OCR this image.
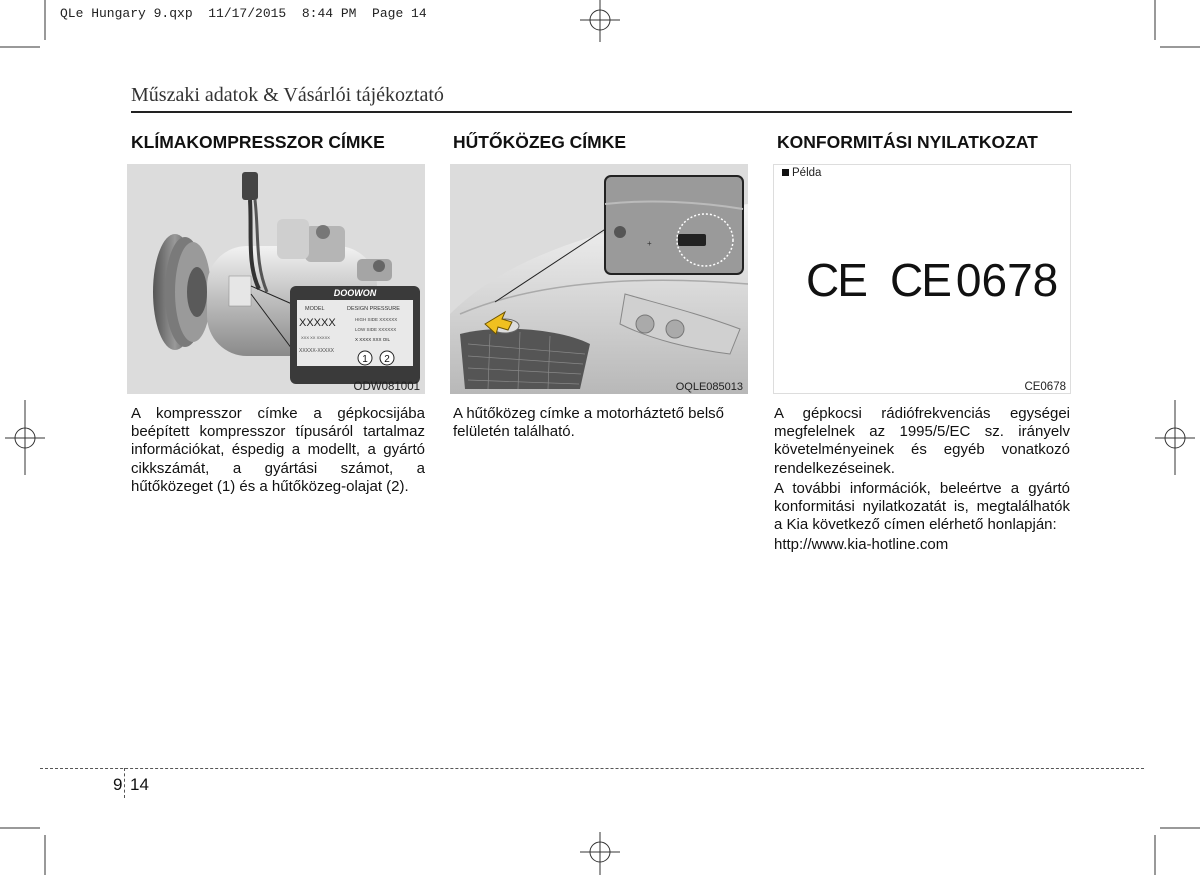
QLe Hungary 9.qxp  11/17/2015  8:44 PM  Page 14
Műszaki adatok & Vásárlói tájékoztató
KLÍMAKOMPRESSZOR CÍMKE
DOOWON
MODEL	DESIGN PRESSURE
XXXXX	HIGH SIDE XXXXXX
LOW SIDE XXXXXX
XXX XX XXXXX	X XXXX XXX OIL
XXXXX-XXXXX
1 2
ODW081001
A kompresszor címke a gépkocsijába beépített kompresszor típusáról tartalmaz információkat, éspedig a modellt, a gyártó cikkszámát, a gyártási számot, a hűtőközeget (1) és a hűtőközeg-olajat (2).
HŰTŐKÖZEG CÍMKE
+
OQLE085013
A hűtőközeg címke a motorháztető belső felületén található.
KONFORMITÁSI NYILATKOZAT
Példa
CE CE 0678
CE0678
A gépkocsi rádiófrekvenciás egységei megfelelnek az 1995/5/EC sz. irányelv követelményeinek és egyéb vonatkozó rendelkezéseinek.
A további információk, beleértve a gyártó konformitási nyilatkozatát is, megtalálhatók a Kia következő címen elérhető honlapján:
http://www.kia-hotline.com
9 14
